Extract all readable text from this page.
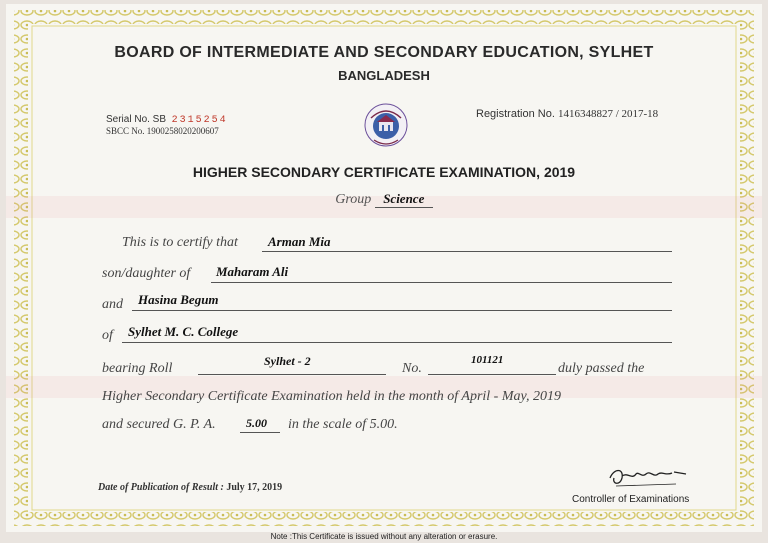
BOARD OF INTERMEDIATE AND SECONDARY EDUCATION, SYLHET
BANGLADESH
Serial No. SB 2315254
SBCC No. 1900258020200607
Registration No. 1416348827 / 2017-18
HIGHER SECONDARY CERTIFICATE EXAMINATION, 2019
Group Science
This is to certify that Arman Mia
son/daughter of Maharam Ali
and Hasina Begum
of Sylhet M. C. College
bearing Roll	Sylhet - 2	No.
101121
duly passed the
Higher Secondary Certificate Examination held in the month of April - May, 2019
and secured G. P. A.	5.00 in the scale of 5.00.
Date of Publication of Result : July 17, 2019
Controller of Examinations
Note :This Certificate is issued without any alteration or erasure.
